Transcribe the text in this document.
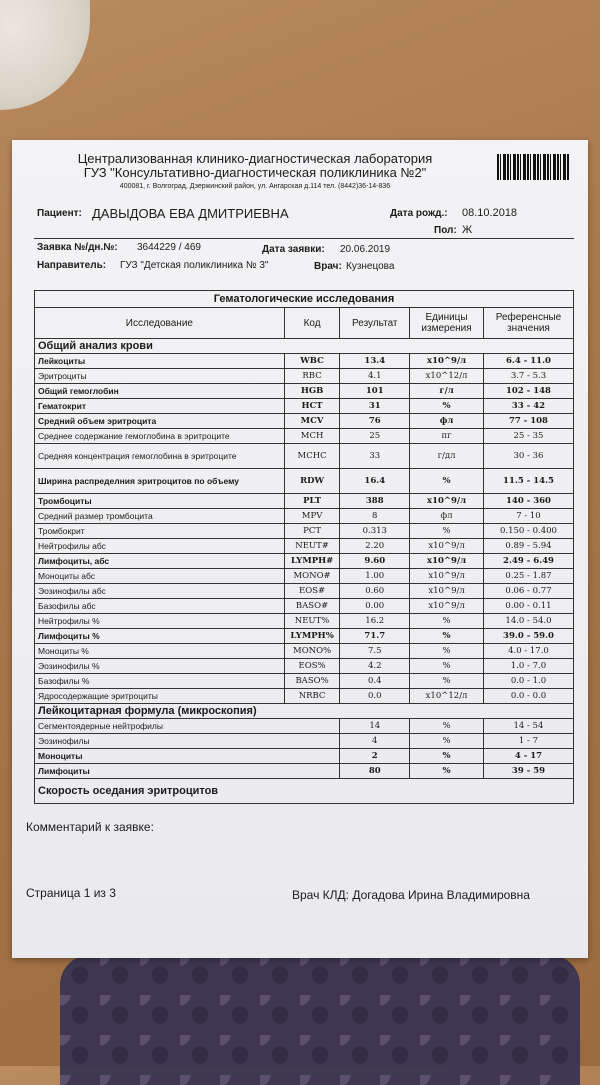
Централизованная клинико-диагностическая лаборатория
ГУЗ "Консультативно-диагностическая поликлиника №2"
400081, г. Волгоград, Дзержинский район, ул. Ангарская д.114 тел. (8442)36-14-836
Пациент: ДАВЫДОВА ЕВА ДМИТРИЕВНА	Дата рожд.: 08.10.2018
Пол: Ж
Заявка №/дн.№: 3644229 / 469	Дата заявки: 20.06.2019
Направитель: ГУЗ "Детская поликлиника № 3"	Врач: Кузнецова
Гематологические исследования				
Исследование	Код	Результат	Единицы измерения	Референсные значения
Общий анализ крови				
Лейкоциты	WBC	13.4	x10^9/л	6.4 - 11.0
Эритроциты	RBC	4.1	x10^12/л	3.7 - 5.3
Общий гемоглобин	HGB	101	г/л	102 - 148
Гематокрит	HCT	31	%	33 - 42
Средний объем эритроцита	MCV	76	фл	77 - 108
Среднее содержание гемоглобина в эритроците	MCH	25	пг	25 - 35
Средняя концентрация гемоглобина в эритроците	MCHC	33	г/дл	30 - 36
Ширина распределния эритроцитов по объему	RDW	16.4	%	11.5 - 14.5
Тромбоциты	PLT	388	x10^9/л	140 - 360
Средний размер тромбоцита	MPV	8	фл	7 - 10
Тромбокрит	PCT	0.313	%	0.150 - 0.400
Нейтрофилы абс	NEUT#	2.20	x10^9/л	0.89 - 5.94
Лимфоциты, абс	LYMPH#	9.60	x10^9/л	2.49 - 6.49
Моноциты абс	MONO#	1.00	x10^9/л	0.25 - 1.87
Эозинофилы абс	EOS#	0.60	x10^9/л	0.06 - 0.77
Базофилы абс	BASO#	0.00	x10^9/л	0.00 - 0.11
Нейтрофилы %	NEUT%	16.2	%	14.0 - 54.0
Лимфоциты %	LYMPH%	71.7	%	39.0 - 59.0
Моноциты %	MONO%	7.5	%	4.0 - 17.0
Эозинофилы %	EOS%	4.2	%	1.0 - 7.0
Базофилы %	BASO%	0.4	%	0.0 - 1.0
Ядросодержащие эритроциты	NRBC	0.0	x10^12/л	0.0 - 0.0
Лейкоцитарная формула (микроскопия)				
Сегментоядерные нейтрофилы		14	%	14 - 54
Эозинофилы		4	%	1 - 7
Моноциты		2	%	4 - 17
Лимфоциты		80	%	39 - 59
Скорость оседания эритроцитов				
Комментарий к заявке:
Страница 1 из 3	Врач КЛД: Догадова Ирина Владимировна
